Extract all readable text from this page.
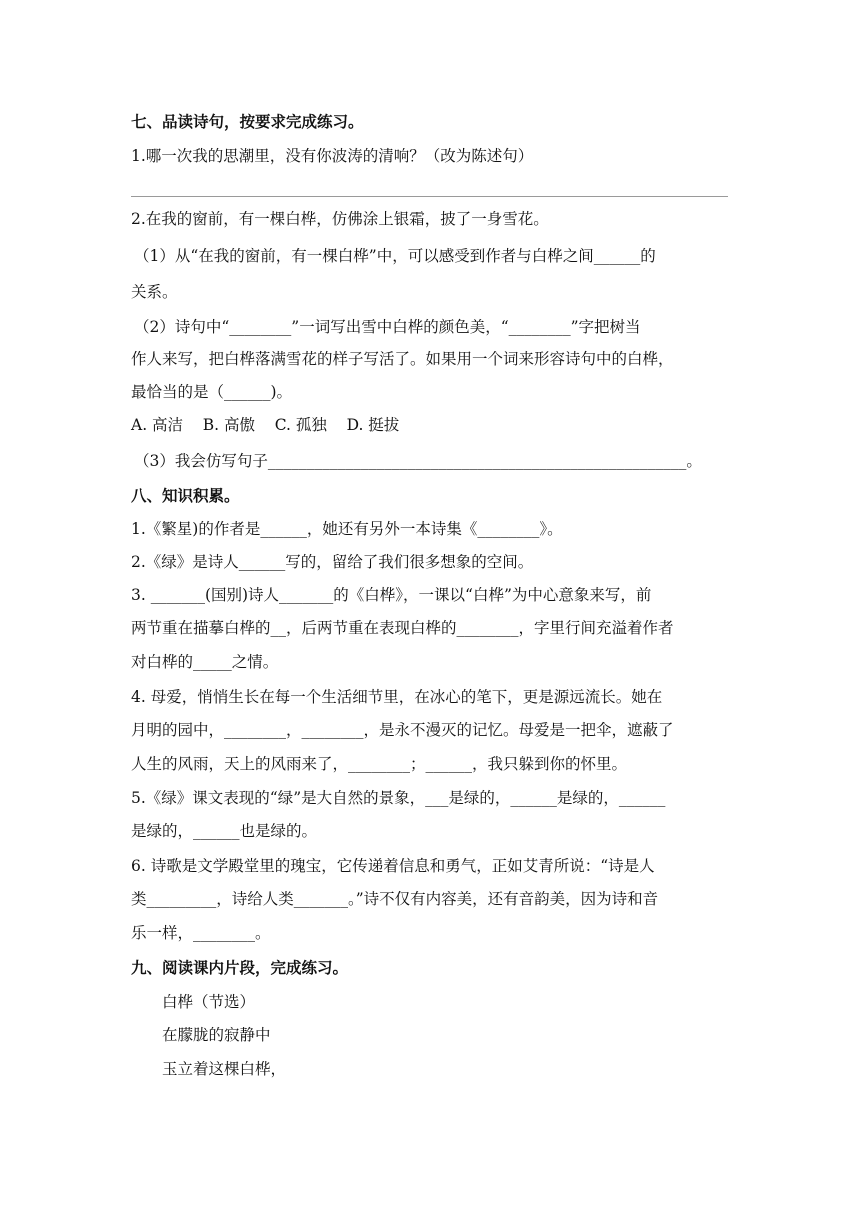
七、品读诗句，按要求完成练习。
1.哪一次我的思潮里，没有你波涛的清响？（改为陈述句）
2.在我的窗前，有一棵白桦，仿佛涂上银霜，披了一身雪花。
（1）从“在我的窗前，有一棵白桦”中，可以感受到作者与白桦之间______的
关系。
（2）诗句中“________”一词写出雪中白桦的颜色美，“________”字把树当
作人来写，把白桦落满雪花的样子写活了。如果用一个词来形容诗句中的白桦，
最恰当的是（______)。
A. 高洁    B. 高傲    C. 孤独    D. 挺拔
（3）我会仿写句子______________________________________________________。
八、知识积累。
1.《繁星)的作者是______，她还有另外一本诗集《________》。
2.《绿》是诗人______写的，留给了我们很多想象的空间。
3. _______(国别)诗人_______的《白桦》，一课以“白桦”为中心意象来写，前
两节重在描摹白桦的__，后两节重在表现白桦的________，字里行间充溢着作者
对白桦的_____之情。
4. 母爱，悄悄生长在每一个生活细节里，在冰心的笔下，更是源远流长。她在
月明的园中，________，________，是永不漫灭的记忆。母爱是一把伞，遮蔽了
人生的风雨，天上的风雨来了，________；______，我只躲到你的怀里。
5.《绿》课文表现的“绿”是大自然的景象，___是绿的，______是绿的，______
是绿的，______也是绿的。
6. 诗歌是文学殿堂里的瑰宝，它传递着信息和勇气，正如艾青所说：“诗是人
类_________，诗给人类_______。”诗不仅有内容美，还有音韵美，因为诗和音
乐一样，________。
九、阅读课内片段，完成练习。
白桦（节选）
在朦胧的寂静中
玉立着这棵白桦，
